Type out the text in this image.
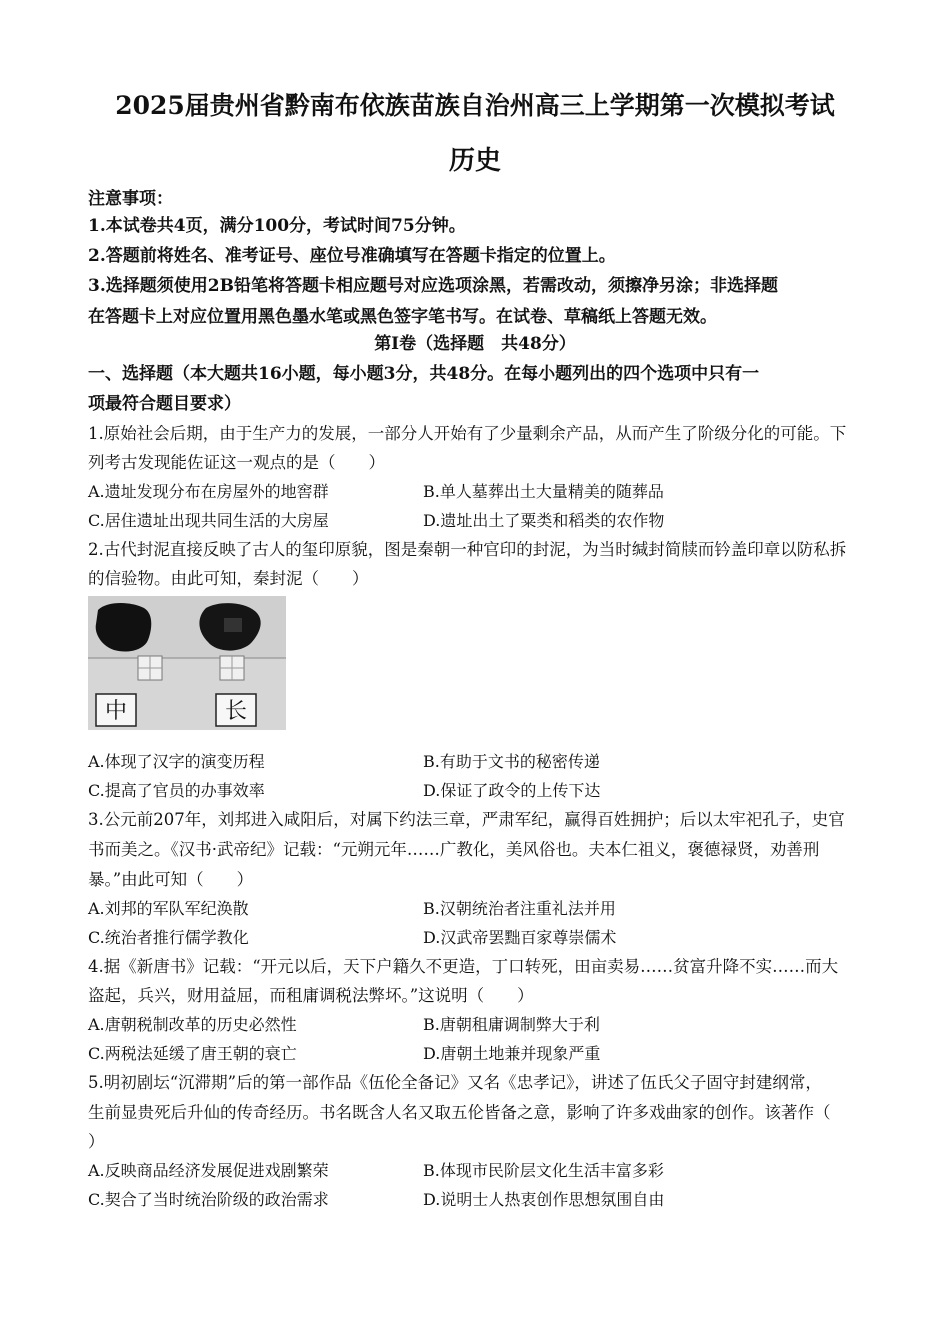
2025届贵州省黔南布依族苗族自治州高三上学期第一次模拟考试
历史
注意事项：
1.本试卷共4页，满分100分，考试时间75分钟。
2.答题前将姓名、准考证号、座位号准确填写在答题卡指定的位置上。
3.选择题须使用2B铅笔将答题卡相应题号对应选项涂黑，若需改动，须擦净另涂；非选择题
在答题卡上对应位置用黑色墨水笔或黑色签字笔书写。在试卷、草稿纸上答题无效。
第Ⅰ卷（选择题　共48分）
一、选择题（本大题共16小题，每小题3分，共48分。在每小题列出的四个选项中只有一
项最符合题目要求）
1.原始社会后期，由于生产力的发展，一部分人开始有了少量剩余产品，从而产生了阶级分化的可能。下
列考古发现能佐证这一观点的是（　　）
A.遗址发现分布在房屋外的地窖群	B.单人墓葬出土大量精美的随葬品
C.居住遗址出现共同生活的大房屋	D.遗址出土了粟类和稻类的农作物
2.古代封泥直接反映了古人的玺印原貌，图是秦朝一种官印的封泥，为当时缄封简牍而钤盖印章以防私拆
的信验物。由此可知，秦封泥（　　）
中	长
A.体现了汉字的演变历程	B.有助于文书的秘密传递
C.提高了官员的办事效率	D.保证了政令的上传下达
3.公元前207年，刘邦进入咸阳后，对属下约法三章，严肃军纪，赢得百姓拥护；后以太牢祀孔子，史官
书而美之。《汉书·武帝纪》记载：“元朔元年……广教化，美风俗也。夫本仁祖义，褒德禄贤，劝善刑
暴。”由此可知（　　）
A.刘邦的军队军纪涣散	B.汉朝统治者注重礼法并用
C.统治者推行儒学教化	D.汉武帝罢黜百家尊崇儒术
4.据《新唐书》记载：“开元以后，天下户籍久不更造，丁口转死，田亩卖易……贫富升降不实……而大
盗起，兵兴，财用益屈，而租庸调税法弊坏。”这说明（　　）
A.唐朝税制改革的历史必然性	B.唐朝租庸调制弊大于利
C.两税法延缓了唐王朝的衰亡	D.唐朝土地兼并现象严重
5.明初剧坛“沉滞期”后的第一部作品《伍伦全备记》又名《忠孝记》，讲述了伍氏父子固守封建纲常，
生前显贵死后升仙的传奇经历。书名既含人名又取五伦皆备之意，影响了许多戏曲家的创作。该著作（
）
A.反映商品经济发展促进戏剧繁荣	B.体现市民阶层文化生活丰富多彩
C.契合了当时统治阶级的政治需求	D.说明士人热衷创作思想氛围自由
